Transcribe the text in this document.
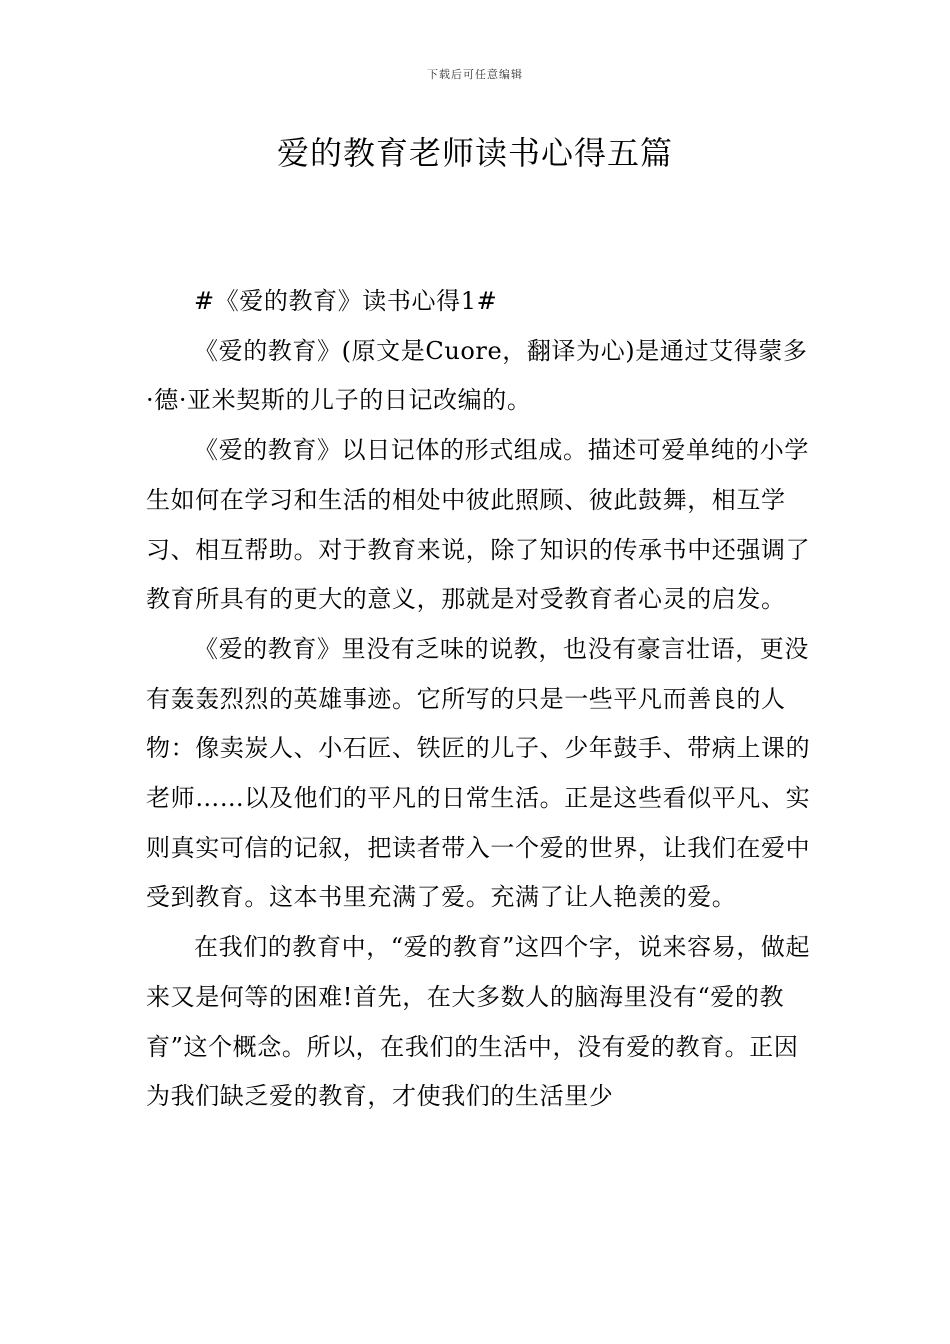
下载后可任意编辑
爱的教育老师读书心得五篇

#《爱的教育》读书心得1#

《爱的教育》(原文是Cuore，翻译为心)是通过艾得蒙多·德·亚米契斯的儿子的日记改编的。

《爱的教育》以日记体的形式组成。描述可爱单纯的小学生如何在学习和生活的相处中彼此照顾、彼此鼓舞，相互学习、相互帮助。对于教育来说，除了知识的传承书中还强调了教育所具有的更大的意义，那就是对受教育者心灵的启发。

《爱的教育》里没有乏味的说教，也没有豪言壮语，更没有轰轰烈烈的英雄事迹。它所写的只是一些平凡而善良的人物：像卖炭人、小石匠、铁匠的儿子、少年鼓手、带病上课的老师……以及他们的平凡的日常生活。正是这些看似平凡、实则真实可信的记叙，把读者带入一个爱的世界，让我们在爱中受到教育。这本书里充满了爱。充满了让人艳羡的爱。

在我们的教育中，“爱的教育”这四个字，说来容易，做起来又是何等的困难!首先，在大多数人的脑海里没有“爱的教育”这个概念。所以，在我们的生活中，没有爱的教育。正因为我们缺乏爱的教育，才使我们的生活里少
